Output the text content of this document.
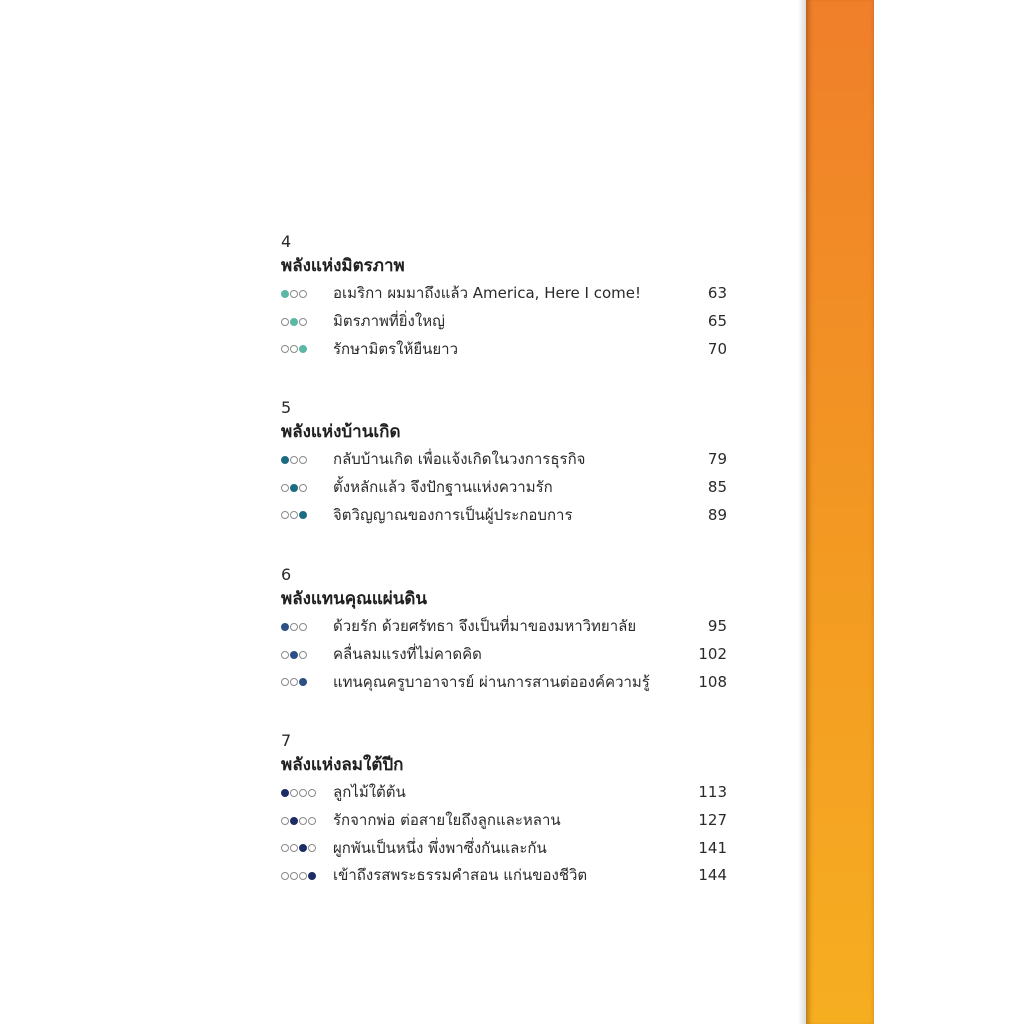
4
พลังแห่งมิตรภาพ
อเมริกา ผมมาถึงแล้ว America, Here I come!	63
มิตรภาพที่ยิ่งใหญ่	65
รักษามิตรให้ยืนยาว	70
5
พลังแห่งบ้านเกิด
กลับบ้านเกิด เพื่อแจ้งเกิดในวงการธุรกิจ	79
ตั้งหลักแล้ว จึงปักฐานแห่งความรัก	85
จิตวิญญาณของการเป็นผู้ประกอบการ	89
6
พลังแทนคุณแผ่นดิน
ด้วยรัก ด้วยศรัทธา จึงเป็นที่มาของมหาวิทยาลัย	95
คลื่นลมแรงที่ไม่คาดคิด	102
แทนคุณครูบาอาจารย์ ผ่านการสานต่อองค์ความรู้	108
7
พลังแห่งลมใต้ปีก
ลูกไม้ใต้ต้น	113
รักจากพ่อ ต่อสายใยถึงลูกและหลาน	127
ผูกพันเป็นหนึ่ง พึ่งพาซึ่งกันและกัน	141
เข้าถึงรสพระธรรมคำสอน แก่นของชีวิต	144
